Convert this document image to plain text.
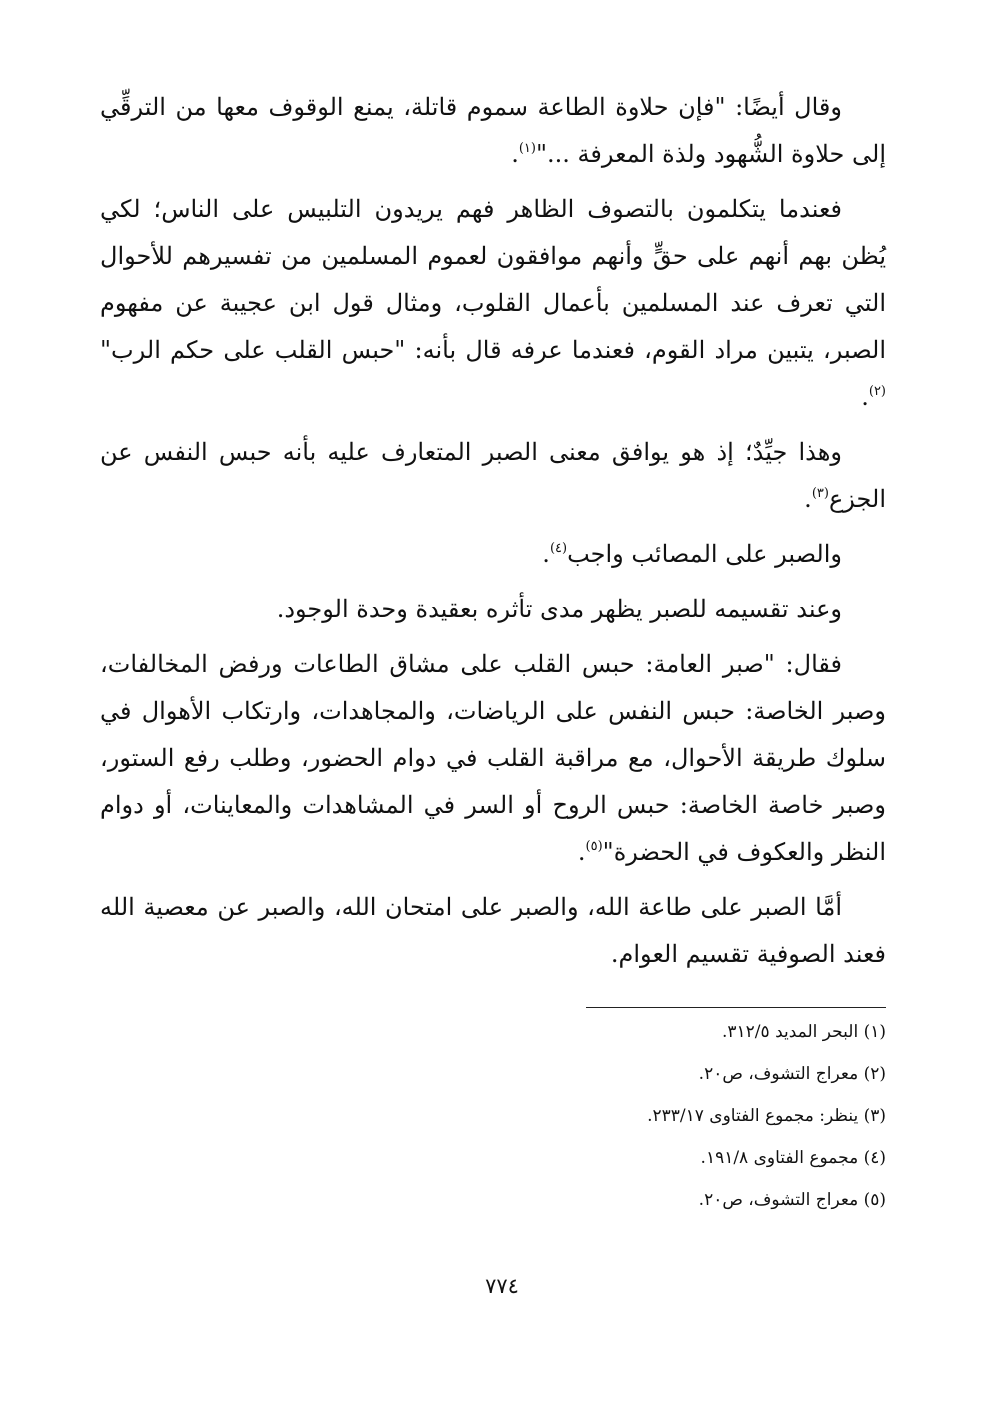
وقال أيضًا: "فإن حلاوة الطاعة سموم قاتلة، يمنع الوقوف معها من الترقِّي إلى حلاوة الشُّهود ولذة المعرفة ..."$^{(١)}$.

فعندما يتكلمون بالتصوف الظاهر فهم يريدون التلبيس على الناس؛ لكي يُظن بهم أنهم على حقٍّ وأنهم موافقون لعموم المسلمين من تفسيرهم للأحوال التي تعرف عند المسلمين بأعمال القلوب، ومثال قول ابن عجيبة عن مفهوم الصبر، يتبين مراد القوم، فعندما عرفه قال بأنه: "حبس القلب على حكم الرب"$^{(٢)}$.

وهذا جيِّدٌ؛ إذ هو يوافق معنى الصبر المتعارف عليه بأنه حبس النفس عن الجزع$^{(٣)}$.

والصبر على المصائب واجب$^{(٤)}$.

وعند تقسيمه للصبر يظهر مدى تأثره بعقيدة وحدة الوجود.

فقال: "صبر العامة: حبس القلب على مشاق الطاعات ورفض المخالفات، وصبر الخاصة: حبس النفس على الرياضات، والمجاهدات، وارتكاب الأهوال في سلوك طريقة الأحوال، مع مراقبة القلب في دوام الحضور، وطلب رفع الستور، وصبر خاصة الخاصة: حبس الروح أو السر في المشاهدات والمعاينات، أو دوام النظر والعكوف في الحضرة"$^{(٥)}$.

أمَّا الصبر على طاعة الله، والصبر على امتحان الله، والصبر عن معصية الله فعند الصوفية تقسيم العوام.

(١) البحر المديد ٣١٢/٥.

(٢) معراج التشوف، ص٢٠.

(٣) ينظر: مجموع الفتاوى ٢٣٣/١٧.

(٤) مجموع الفتاوى ١٩١/٨.

(٥) معراج التشوف، ص٢٠.

٧٧٤
